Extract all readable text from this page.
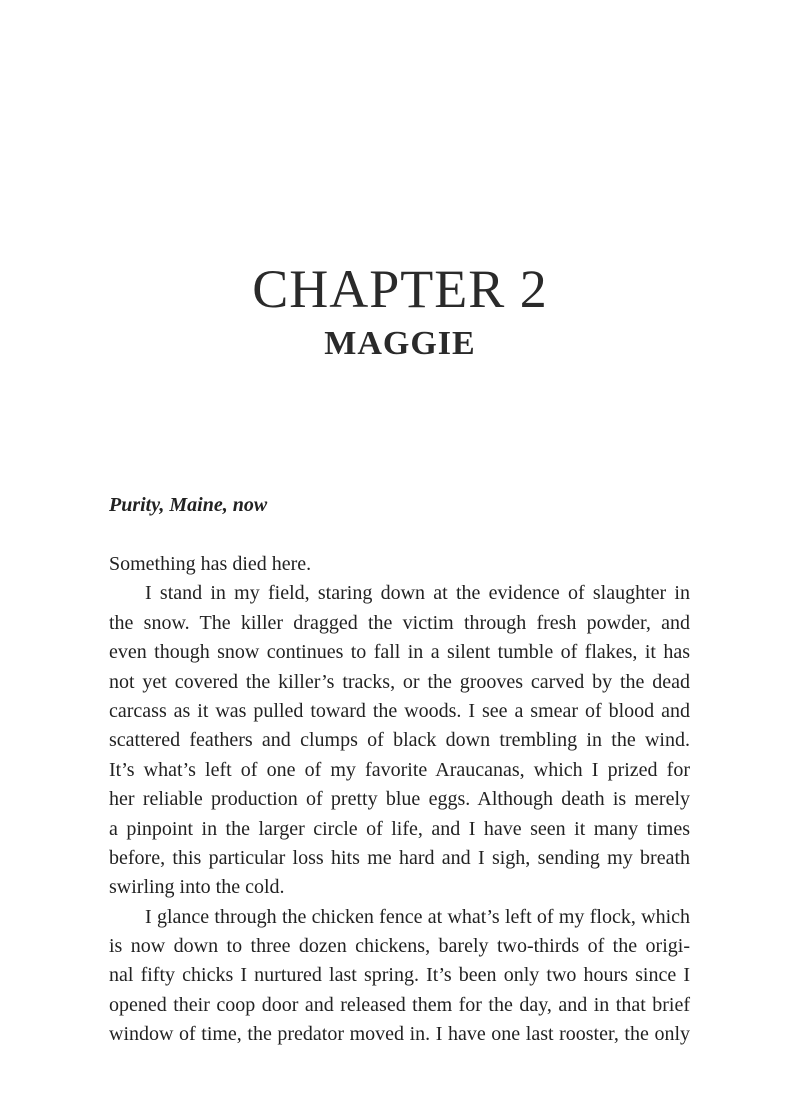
CHAPTER 2
MAGGIE

Purity, Maine, now

Something has died here.
I stand in my field, staring down at the evidence of slaughter in
the snow. The killer dragged the victim through fresh powder, and
even though snow continues to fall in a silent tumble of flakes, it has
not yet covered the killer’s tracks, or the grooves carved by the dead
carcass as it was pulled toward the woods. I see a smear of blood and
scattered feathers and clumps of black down trembling in the wind.
It’s what’s left of one of my favorite Araucanas, which I prized for
her reliable production of pretty blue eggs. Although death is merely
a pinpoint in the larger circle of life, and I have seen it many times
before, this particular loss hits me hard and I sigh, sending my breath
swirling into the cold.
I glance through the chicken fence at what’s left of my flock, which
is now down to three dozen chickens, barely two-thirds of the origi-
nal fifty chicks I nurtured last spring. It’s been only two hours since I
opened their coop door and released them for the day, and in that brief
window of time, the predator moved in. I have one last rooster, the only
